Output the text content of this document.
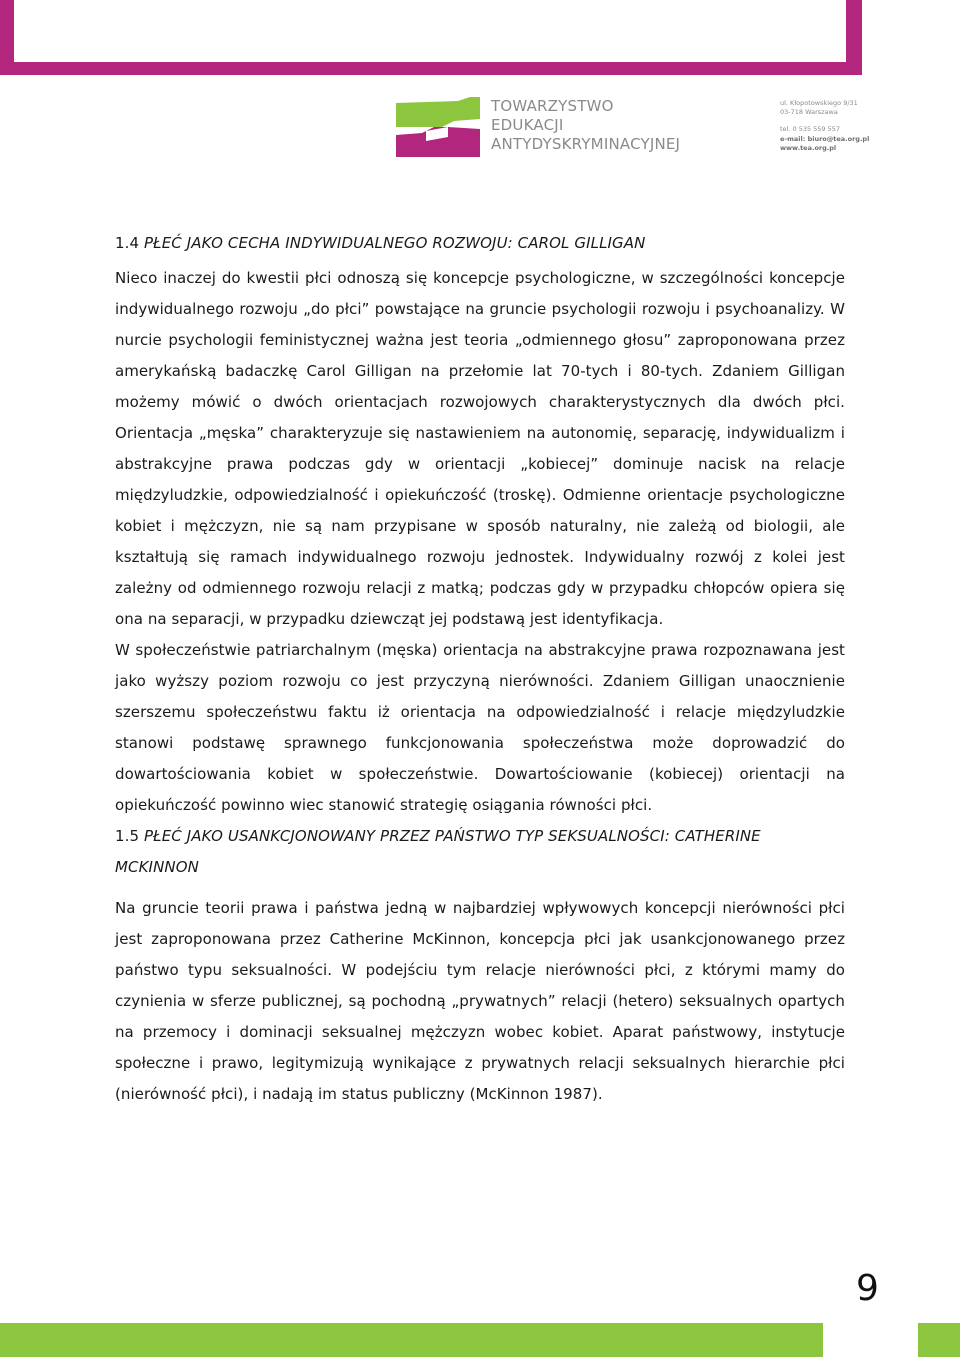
TOWARZYSTWO
EDUKACJI
ANTYDYSKRYMINACYJNEJ
ul. Kłopotowskiego 9/31
03-718 Warszawa
tel. 0 535 559 557
e-mail: biuro@tea.org.pl
www.tea.org.pl
1.4 PŁEĆ JAKO CECHA INDYWIDUALNEGO ROZWOJU: CAROL GILLIGAN

Nieco inaczej do kwestii płci odnoszą się koncepcje psychologiczne, w szczególności koncepcje indywidualnego rozwoju „do płci” powstające na gruncie psychologii rozwoju i psychoanalizy. W nurcie psychologii feministycznej ważna jest teoria „odmiennego głosu” zaproponowana przez amerykańską badaczkę Carol Gilligan na przełomie lat 70-tych i 80-tych. Zdaniem Gilligan możemy mówić o dwóch orientacjach rozwojowych charakterystycznych dla dwóch płci. Orientacja „męska” charakteryzuje się nastawieniem na autonomię, separację, indywidualizm i abstrakcyjne prawa podczas gdy w orientacji „kobiecej” dominuje nacisk na relacje międzyludzkie, odpowiedzialność i opiekuńczość (troskę). Odmienne orientacje psychologiczne kobiet i mężczyzn, nie są nam przypisane w sposób naturalny, nie zależą od biologii, ale kształtują się ramach indywidualnego rozwoju jednostek. Indywidualny rozwój z kolei jest zależny od odmiennego rozwoju relacji z matką; podczas gdy w przypadku chłopców opiera się ona na separacji, w przypadku dziewcząt jej podstawą jest identyfikacja.

W społeczeństwie patriarchalnym (męska) orientacja na abstrakcyjne prawa rozpoznawana jest jako wyższy poziom rozwoju co jest przyczyną nierówności. Zdaniem Gilligan unaocznienie szerszemu społeczeństwu faktu iż orientacja na odpowiedzialność i relacje międzyludzkie stanowi podstawę sprawnego funkcjonowania społeczeństwa może doprowadzić do dowartościowania kobiet w społeczeństwie. Dowartościowanie (kobiecej) orientacji na opiekuńczość powinno wiec stanowić strategię osiągania równości płci.

1.5 PŁEĆ JAKO USANKCJONOWANY PRZEZ PAŃSTWO TYP SEKSUALNOŚCI: CATHERINE MCKINNON

Na gruncie teorii prawa i państwa jedną w najbardziej wpływowych koncepcji nierówności płci jest zaproponowana przez Catherine McKinnon, koncepcja płci jak usankcjonowanego przez państwo typu seksualności. W podejściu tym relacje nierówności płci, z którymi mamy do czynienia w sferze publicznej, są pochodną „prywatnych” relacji (hetero) seksualnych opartych na przemocy i dominacji seksualnej mężczyzn wobec kobiet. Aparat państwowy, instytucje społeczne i prawo, legitymizują wynikające z prywatnych relacji seksualnych hierarchie płci (nierówność płci), i nadają im status publiczny (McKinnon 1987).

9
